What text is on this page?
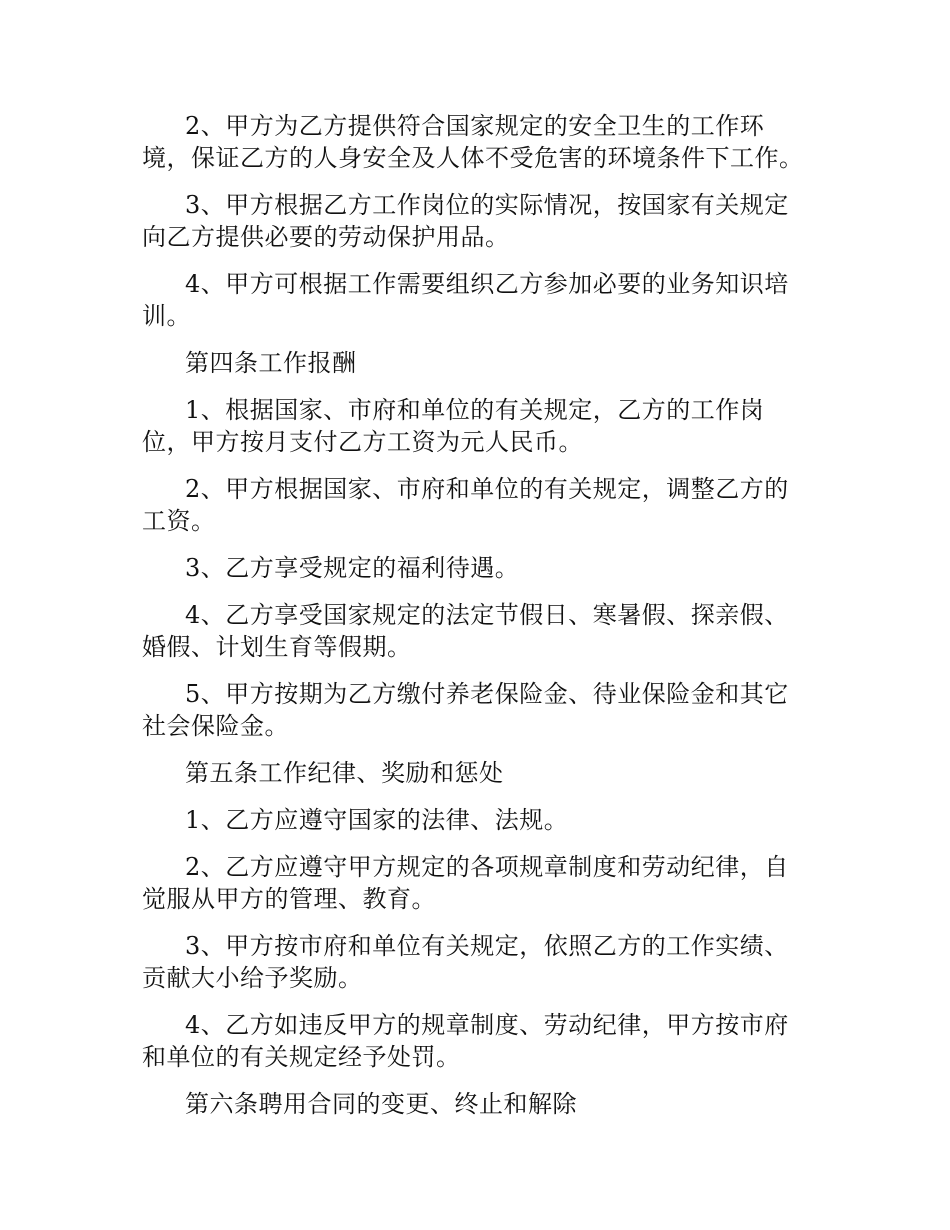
2、甲方为乙方提供符合国家规定的安全卫生的工作环境，保证乙方的人身安全及人体不受危害的环境条件下工作。

3、甲方根据乙方工作岗位的实际情况，按国家有关规定向乙方提供必要的劳动保护用品。

4、甲方可根据工作需要组织乙方参加必要的业务知识培训。

第四条工作报酬

1、根据国家、市府和单位的有关规定，乙方的工作岗位，甲方按月支付乙方工资为元人民币。

2、甲方根据国家、市府和单位的有关规定，调整乙方的工资。

3、乙方享受规定的福利待遇。

4、乙方享受国家规定的法定节假日、寒暑假、探亲假、婚假、计划生育等假期。

5、甲方按期为乙方缴付养老保险金、待业保险金和其它社会保险金。

第五条工作纪律、奖励和惩处

1、乙方应遵守国家的法律、法规。

2、乙方应遵守甲方规定的各项规章制度和劳动纪律，自觉服从甲方的管理、教育。

3、甲方按市府和单位有关规定，依照乙方的工作实绩、贡献大小给予奖励。

4、乙方如违反甲方的规章制度、劳动纪律，甲方按市府和单位的有关规定经予处罚。

第六条聘用合同的变更、终止和解除
